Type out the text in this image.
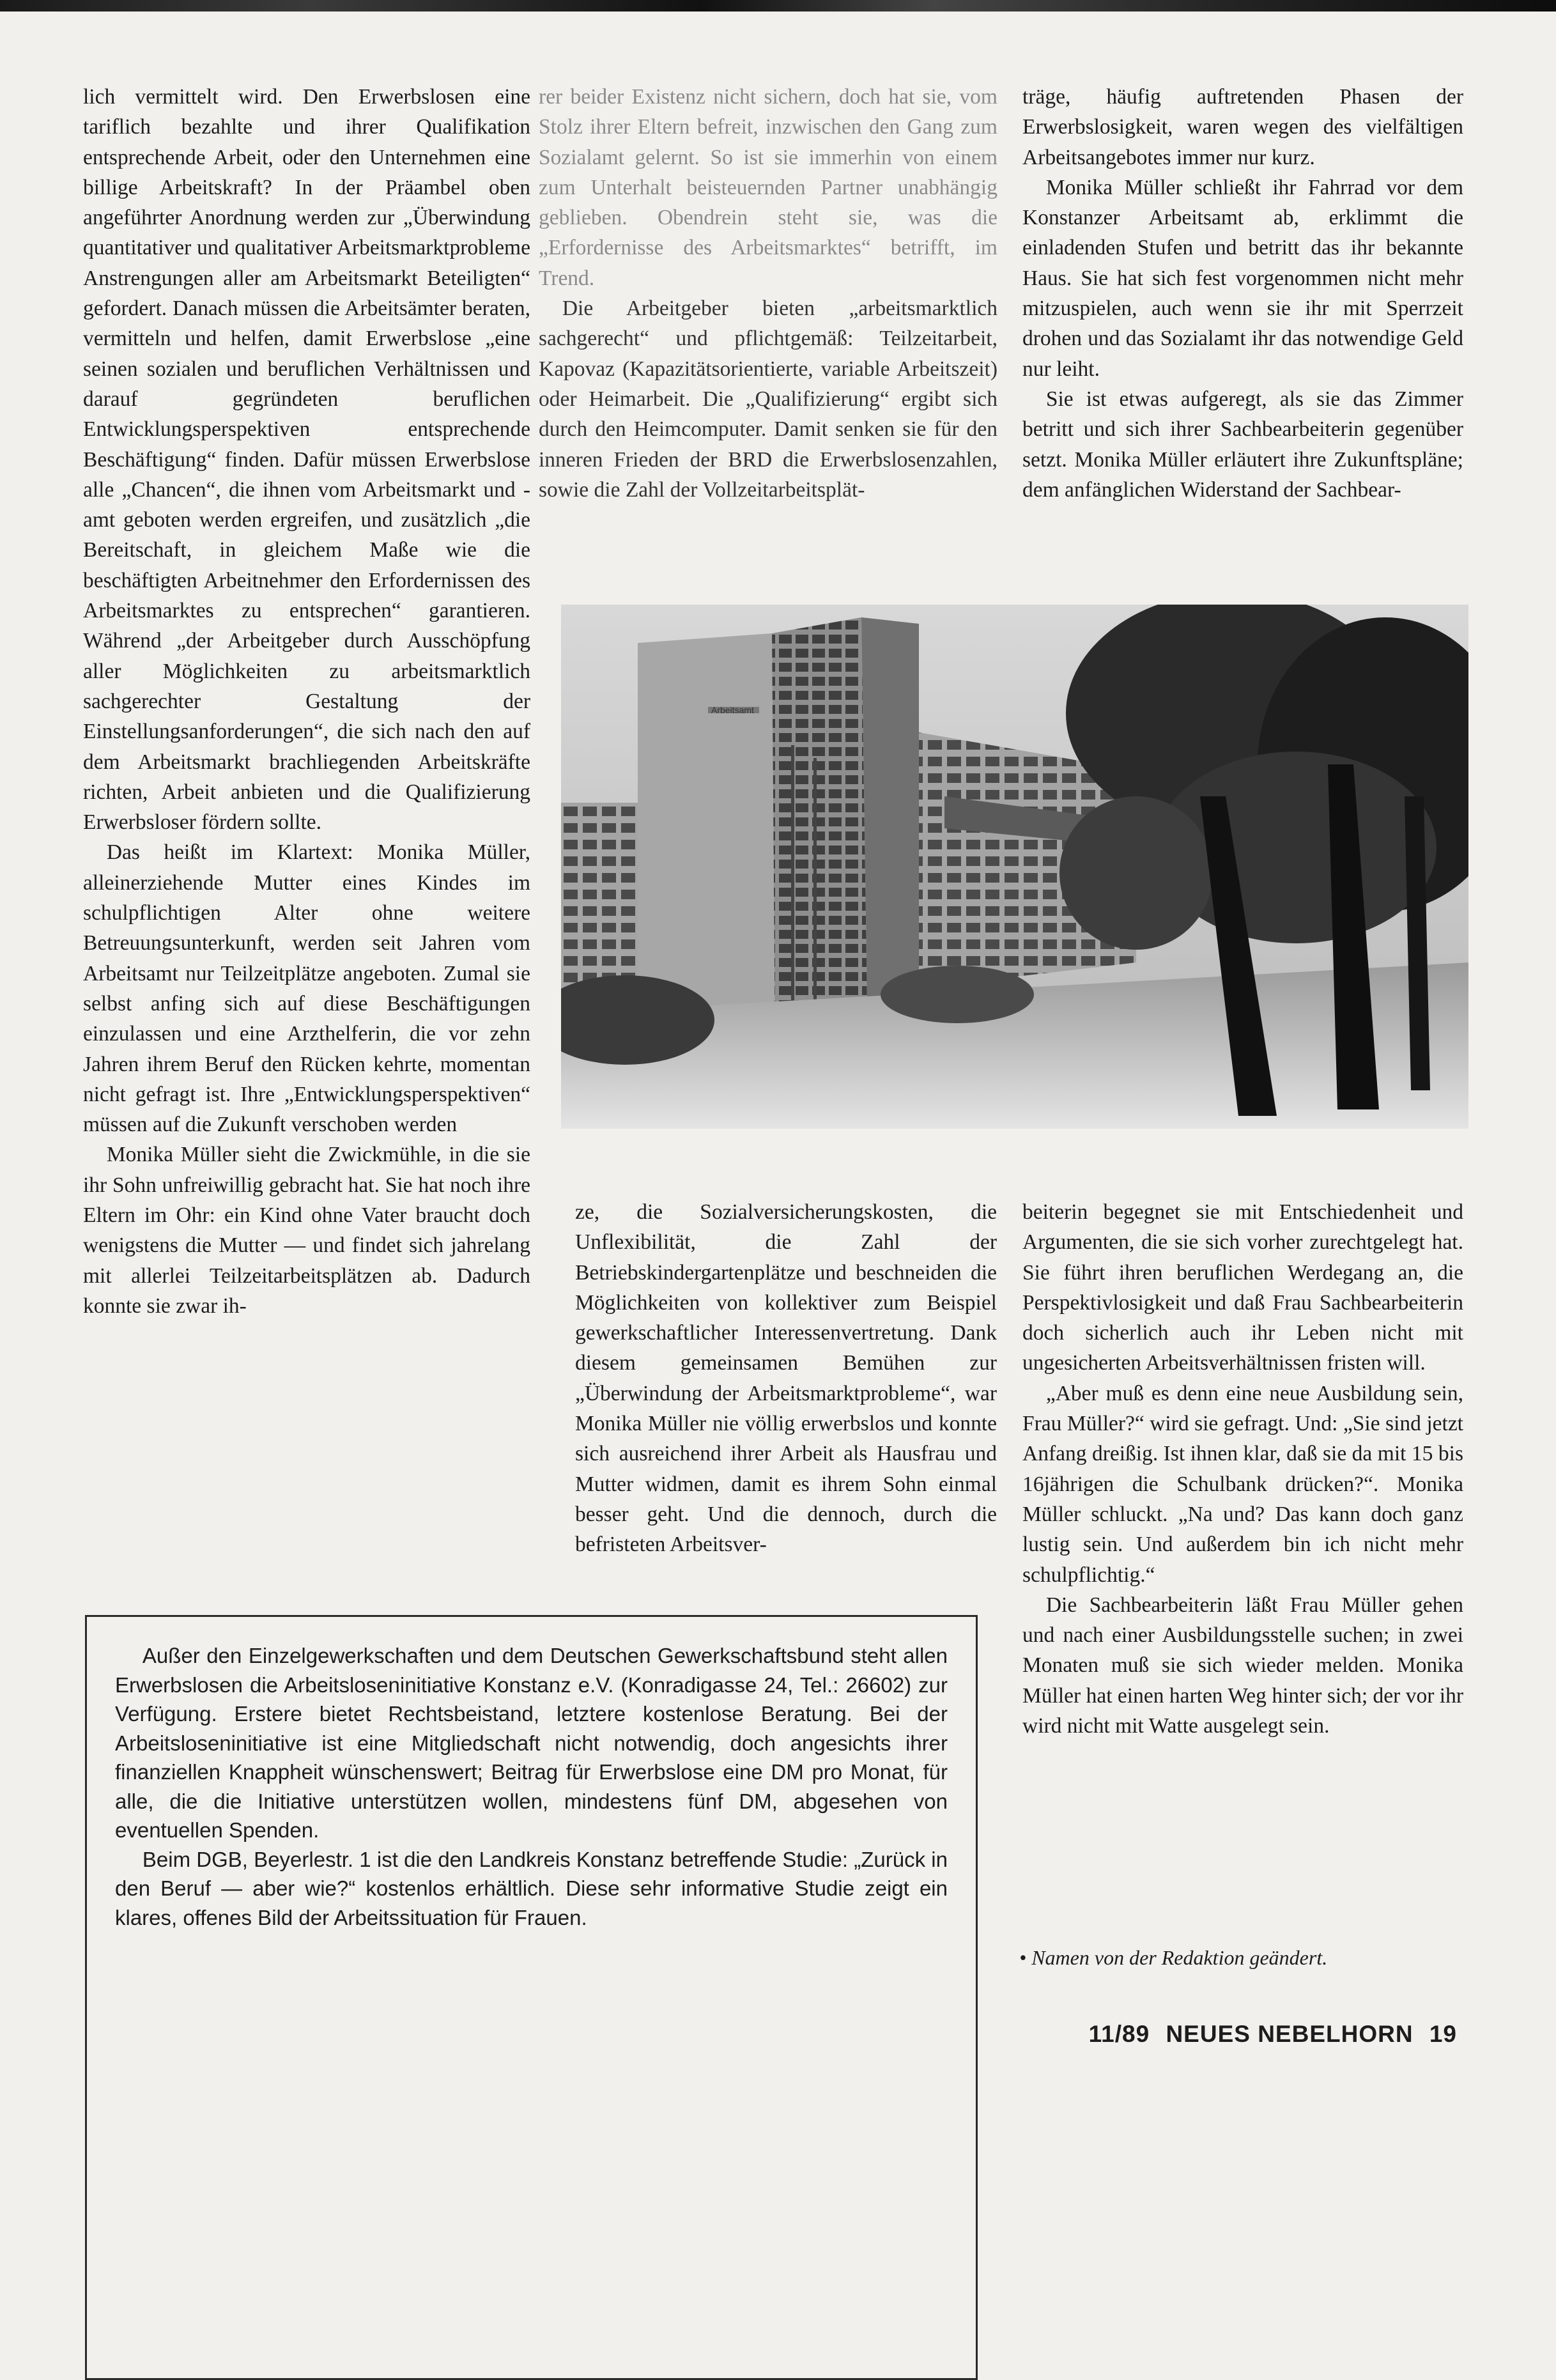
lich vermittelt wird. Den Erwerbslosen eine tariflich bezahlte und ihrer Qualifikation entsprechende Arbeit, oder den Unternehmen eine billige Arbeitskraft? In der Präambel oben angeführter Anordnung werden zur „Überwindung quantitativer und qualitativer Arbeitsmarktprobleme Anstrengungen aller am Arbeitsmarkt Beteiligten“ gefordert. Danach müssen die Arbeitsämter beraten, vermitteln und helfen, damit Erwerbslose „eine seinen sozialen und beruflichen Verhältnissen und darauf gegründeten beruflichen Entwicklungsperspektiven entsprechende Beschäftigung“ finden. Dafür müssen Erwerbslose alle „Chancen“, die ihnen vom Arbeitsmarkt und -amt geboten werden ergreifen, und zusätzlich „die Bereitschaft, in gleichem Maße wie die beschäftigten Arbeitnehmer den Erfordernissen des Arbeitsmarktes zu entsprechen“ garantieren. Während „der Arbeitgeber durch Ausschöpfung aller Möglichkeiten zu arbeitsmarktlich sachgerechter Gestaltung der Einstellungsanforderungen“, die sich nach den auf dem Arbeitsmarkt brachliegenden Arbeitskräfte richten, Arbeit anbieten und die Qualifizierung Erwerbsloser fördern sollte.

Das heißt im Klartext: Monika Müller, alleinerziehende Mutter eines Kindes im schulpflichtigen Alter ohne weitere Betreuungsunterkunft, werden seit Jahren vom Arbeitsamt nur Teilzeitplätze angeboten. Zumal sie selbst anfing sich auf diese Beschäftigungen einzulassen und eine Arzthelferin, die vor zehn Jahren ihrem Beruf den Rücken kehrte, momentan nicht gefragt ist. Ihre „Entwicklungsperspektiven“ müssen auf die Zukunft verschoben werden

Monika Müller sieht die Zwickmühle, in die sie ihr Sohn unfreiwillig gebracht hat. Sie hat noch ihre Eltern im Ohr: ein Kind ohne Vater braucht doch wenigstens die Mutter — und findet sich jahrelang mit allerlei Teilzeitarbeitsplätzen ab. Dadurch konnte sie zwar ih-

rer beider Existenz nicht sichern, doch hat sie, vom Stolz ihrer Eltern befreit, inzwischen den Gang zum Sozialamt gelernt. So ist sie immerhin von einem zum Unterhalt beisteuernden Partner unabhängig geblieben. Obendrein steht sie, was die „Erfordernisse des Arbeitsmarktes“ betrifft, im Trend.

Die Arbeitgeber bieten „arbeitsmarktlich sachgerecht“ und pflichtgemäß: Teilzeitarbeit, Kapovaz (Kapazitätsorientierte, variable Arbeitszeit) oder Heimarbeit. Die „Qualifizierung“ ergibt sich durch den Heimcomputer. Damit senken sie für den inneren Frieden der BRD die Erwerbslosenzahlen, sowie die Zahl der Vollzeitarbeitsplät-

träge, häufig auftretenden Phasen der Erwerbslosigkeit, waren wegen des vielfältigen Arbeitsangebotes immer nur kurz.

Monika Müller schließt ihr Fahrrad vor dem Konstanzer Arbeitsamt ab, erklimmt die einladenden Stufen und betritt das ihr bekannte Haus. Sie hat sich fest vorgenommen nicht mehr mitzuspielen, auch wenn sie ihr mit Sperrzeit drohen und das Sozialamt ihr das notwendige Geld nur leiht.

Sie ist etwas aufgeregt, als sie das Zimmer betritt und sich ihrer Sachbearbeiterin gegenüber setzt. Monika Müller erläutert ihre Zukunftspläne; dem anfänglichen Widerstand der Sachbear-

Arbeitsamt

ze, die Sozialversicherungskosten, die Unflexibilität, die Zahl der Betriebskindergartenplätze und beschneiden die Möglichkeiten von kollektiver zum Beispiel gewerkschaftlicher Interessenvertretung. Dank diesem gemeinsamen Bemühen zur „Überwindung der Arbeitsmarktprobleme“, war Monika Müller nie völlig erwerbslos und konnte sich ausreichend ihrer Arbeit als Hausfrau und Mutter widmen, damit es ihrem Sohn einmal besser geht. Und die dennoch, durch die befristeten Arbeitsver-

beiterin begegnet sie mit Entschiedenheit und Argumenten, die sie sich vorher zurechtgelegt hat. Sie führt ihren beruflichen Werdegang an, die Perspektivlosigkeit und daß Frau Sachbearbeiterin doch sicherlich auch ihr Leben nicht mit ungesicherten Arbeitsverhältnissen fristen will.

„Aber muß es denn eine neue Ausbildung sein, Frau Müller?“ wird sie gefragt. Und: „Sie sind jetzt Anfang dreißig. Ist ihnen klar, daß sie da mit 15 bis 16jährigen die Schulbank drücken?“. Monika Müller schluckt. „Na und? Das kann doch ganz lustig sein. Und außerdem bin ich nicht mehr schulpflichtig.“

Die Sachbearbeiterin läßt Frau Müller gehen und nach einer Ausbildungsstelle suchen; in zwei Monaten muß sie sich wieder melden. Monika Müller hat einen harten Weg hinter sich; der vor ihr wird nicht mit Watte ausgelegt sein.

Außer den Einzelgewerkschaften und dem Deutschen Gewerkschaftsbund steht allen Erwerbslosen die Arbeitsloseninitiative Konstanz e.V. (Konradigasse 24, Tel.: 26602) zur Verfügung. Erstere bietet Rechtsbeistand, letztere kostenlose Beratung. Bei der Arbeitsloseninitiative ist eine Mitgliedschaft nicht notwendig, doch angesichts ihrer finanziellen Knappheit wünschenswert; Beitrag für Erwerbslose eine DM pro Monat, für alle, die die Initiative unterstützen wollen, mindestens fünf DM, abgesehen von eventuellen Spenden.

Beim DGB, Beyerlestr. 1 ist die den Landkreis Konstanz betreffende Studie: „Zurück in den Beruf — aber wie?“ kostenlos erhältlich. Diese sehr informative Studie zeigt ein klares, offenes Bild der Arbeitssituation für Frauen.

• Namen von der Redaktion geändert.
11/89 NEUES NEBELHORN 19
